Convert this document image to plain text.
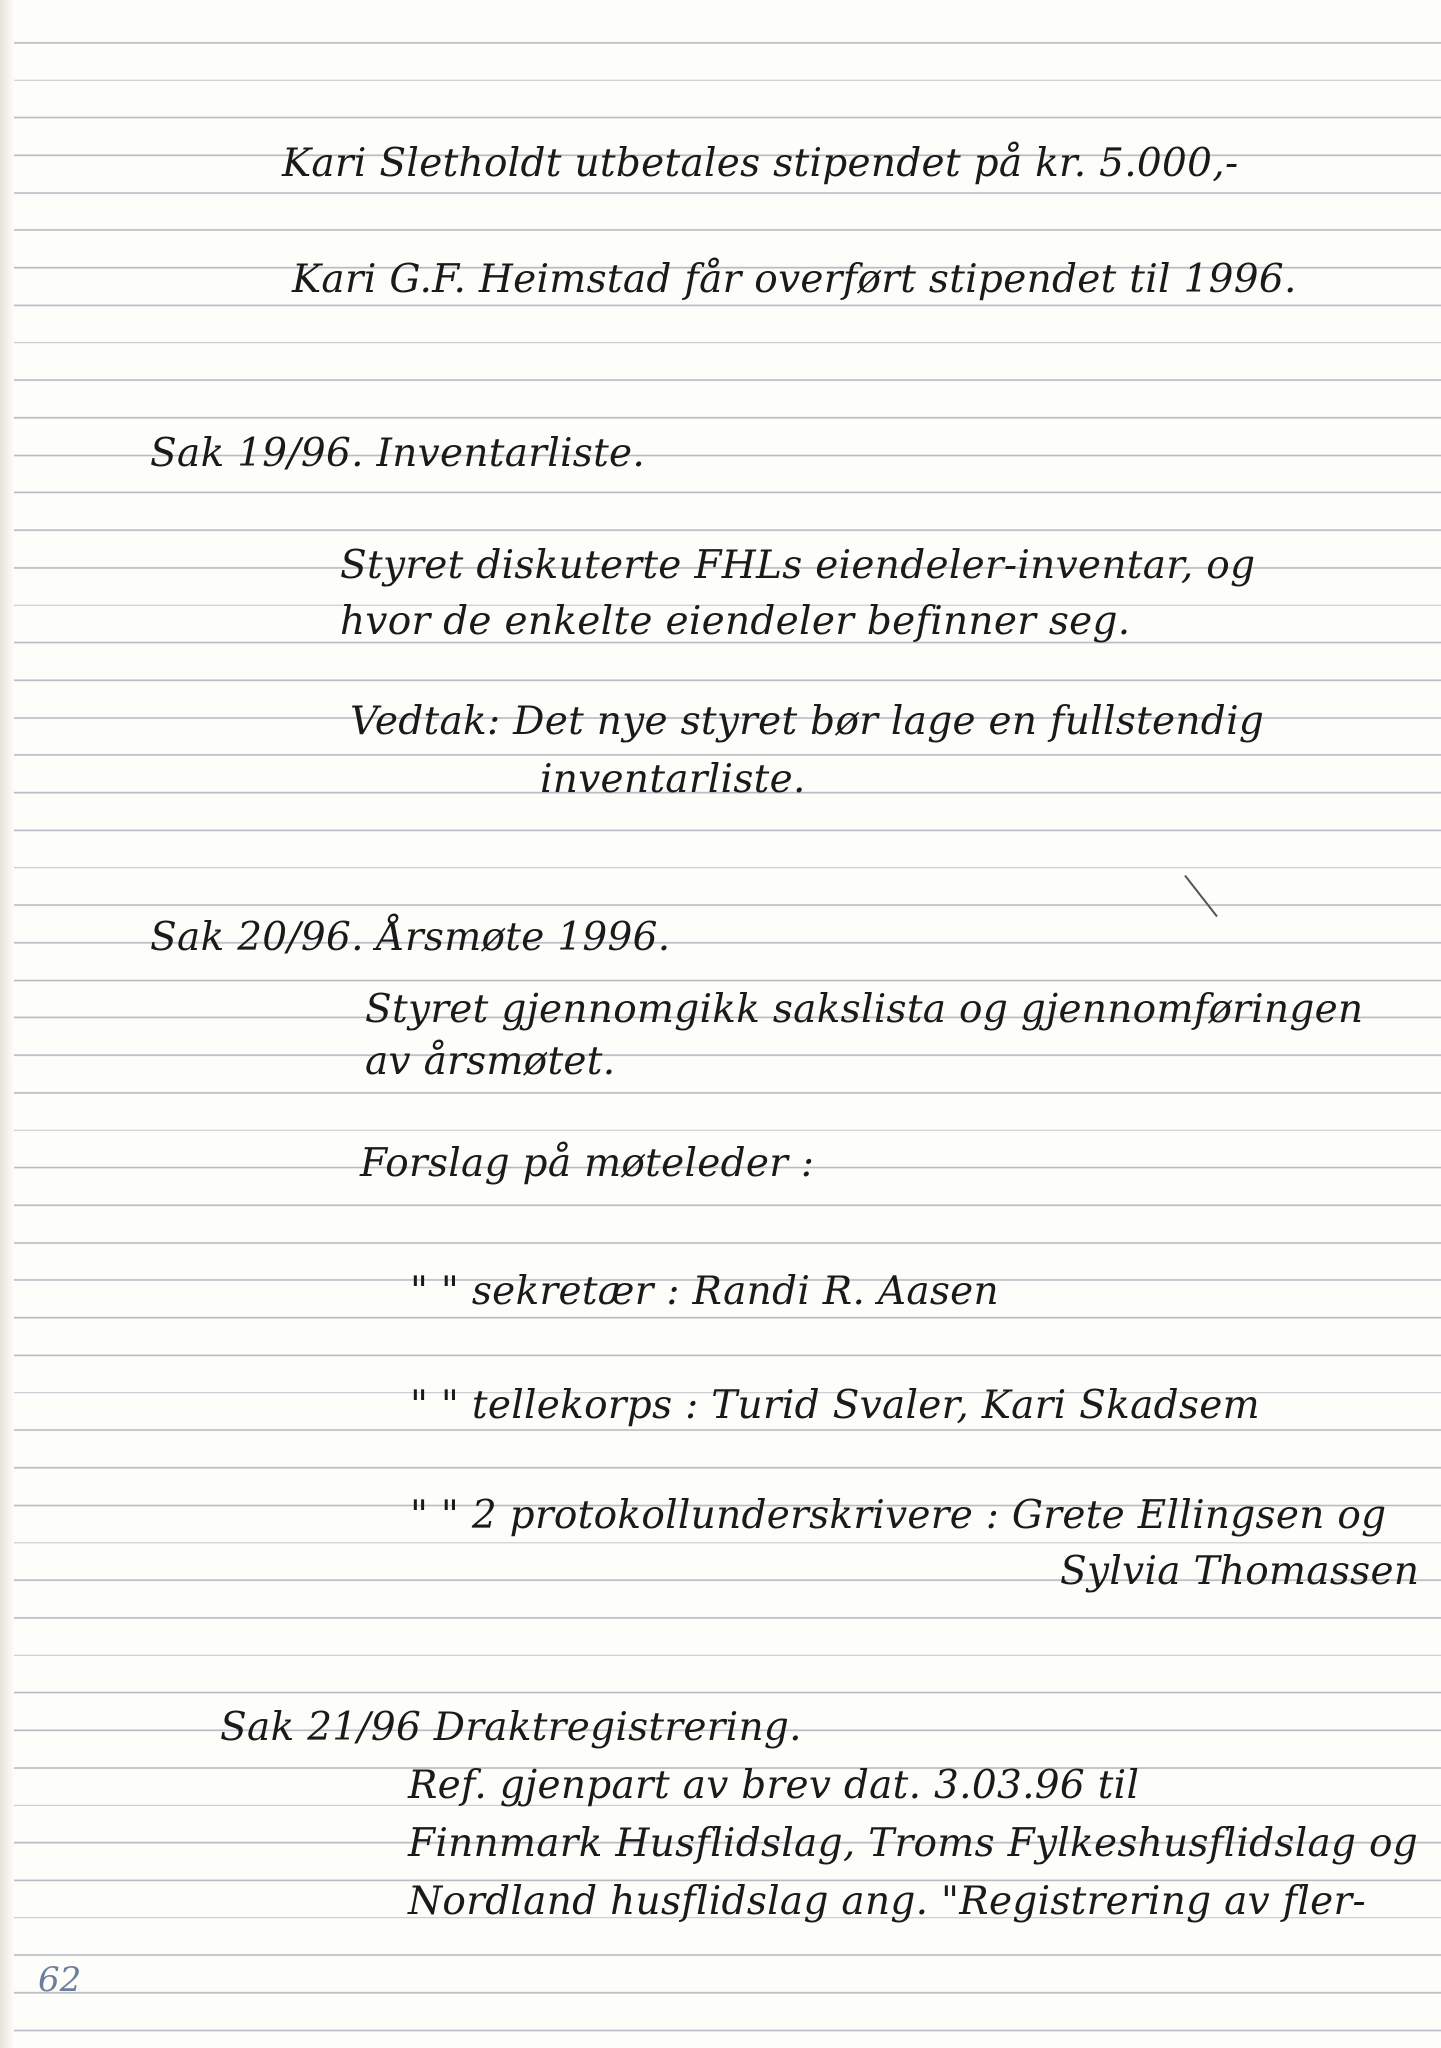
Kari Sletholdt utbetales stipendet på kr. 5.000,-
Kari G.F. Heimstad får overført stipendet til 1996.
Sak 19/96. Inventarliste.
Styret diskuterte FHLs eiendeler-inventar, og
hvor de enkelte eiendeler befinner seg.
Vedtak: Det nye styret bør lage en fullstendig
inventarliste.
Sak 20/96. Årsmøte 1996.
Styret gjennomgikk sakslista og gjennomføringen
av årsmøtet.
Forslag på møteleder :
" " sekretær : Randi R. Aasen
" " tellekorps : Turid Svaler, Kari Skadsem
" " 2 protokollunderskrivere : Grete Ellingsen og
Sylvia Thomassen
Sak 21/96 Draktregistrering.
Ref. gjenpart av brev dat. 3.03.96 til
Finnmark Husflidslag, Troms Fylkeshusflidslag og
Nordland husflidslag ang. "Registrering av fler-
62
